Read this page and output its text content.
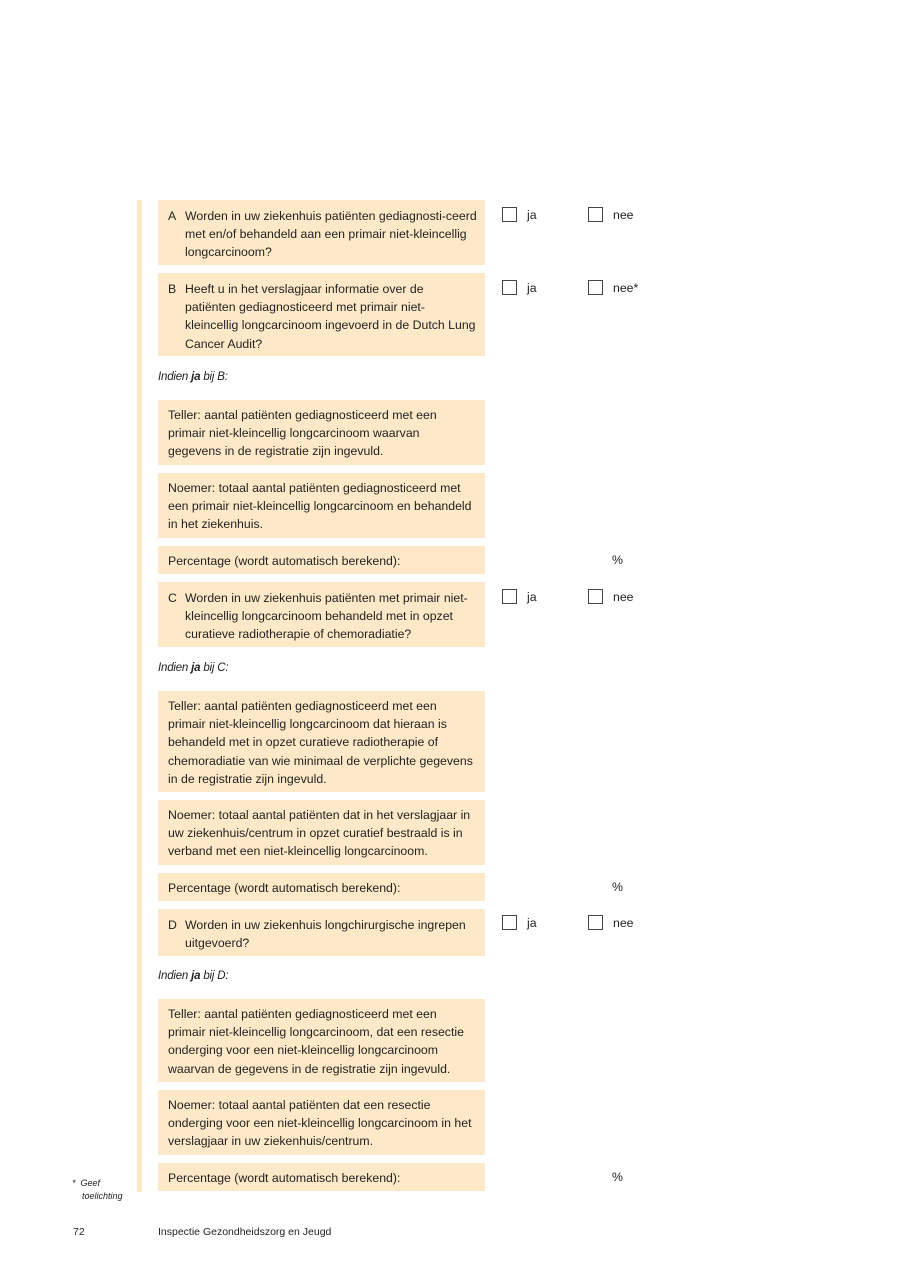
A Worden in uw ziekenhuis patiënten gediagnosti-ceerd met en/of behandeld aan een primair niet-kleincellig longcarcinoom?
ja	nee
B Heeft u in het verslagjaar informatie over de patiënten gediagnosticeerd met primair niet-kleincellig longcarcinoom ingevoerd in de Dutch Lung Cancer Audit?
ja	nee*
Indien ja bij B:
Teller: aantal patiënten gediagnosticeerd met een primair niet-kleincellig longcarcinoom waarvan gegevens in de registratie zijn ingevuld.
Noemer: totaal aantal patiënten gediagnosticeerd met een primair niet-kleincellig longcarcinoom en behandeld in het ziekenhuis.
Percentage (wordt automatisch berekend):	%
C Worden in uw ziekenhuis patiënten met primair niet-kleincellig longcarcinoom behandeld met in opzet curatieve radiotherapie of chemoradiatie?
ja	nee
Indien ja bij C:
Teller: aantal patiënten gediagnosticeerd met een primair niet-kleincellig longcarcinoom dat hieraan is behandeld met in opzet curatieve radiotherapie of chemoradiatie van wie minimaal de verplichte gegevens in de registratie zijn ingevuld.
Noemer: totaal aantal patiënten dat in het verslagjaar in uw ziekenhuis/centrum in opzet curatief bestraald is in verband met een niet-kleincellig longcarcinoom.
Percentage (wordt automatisch berekend):	%
D Worden in uw ziekenhuis longchirurgische ingrepen uitgevoerd?
ja	nee
Indien ja bij D:
Teller: aantal patiënten gediagnosticeerd met een primair niet-kleincellig longcarcinoom, dat een resectie onderging voor een niet-kleincellig longcarcinoom waarvan de gegevens in de registratie zijn ingevuld.
Noemer: totaal aantal patiënten dat een resectie onderging voor een niet-kleincellig longcarcinoom in het verslagjaar in uw ziekenhuis/centrum.
Percentage (wordt automatisch berekend):	%
* Geef
toelichting
72	Inspectie Gezondheidszorg en Jeugd
